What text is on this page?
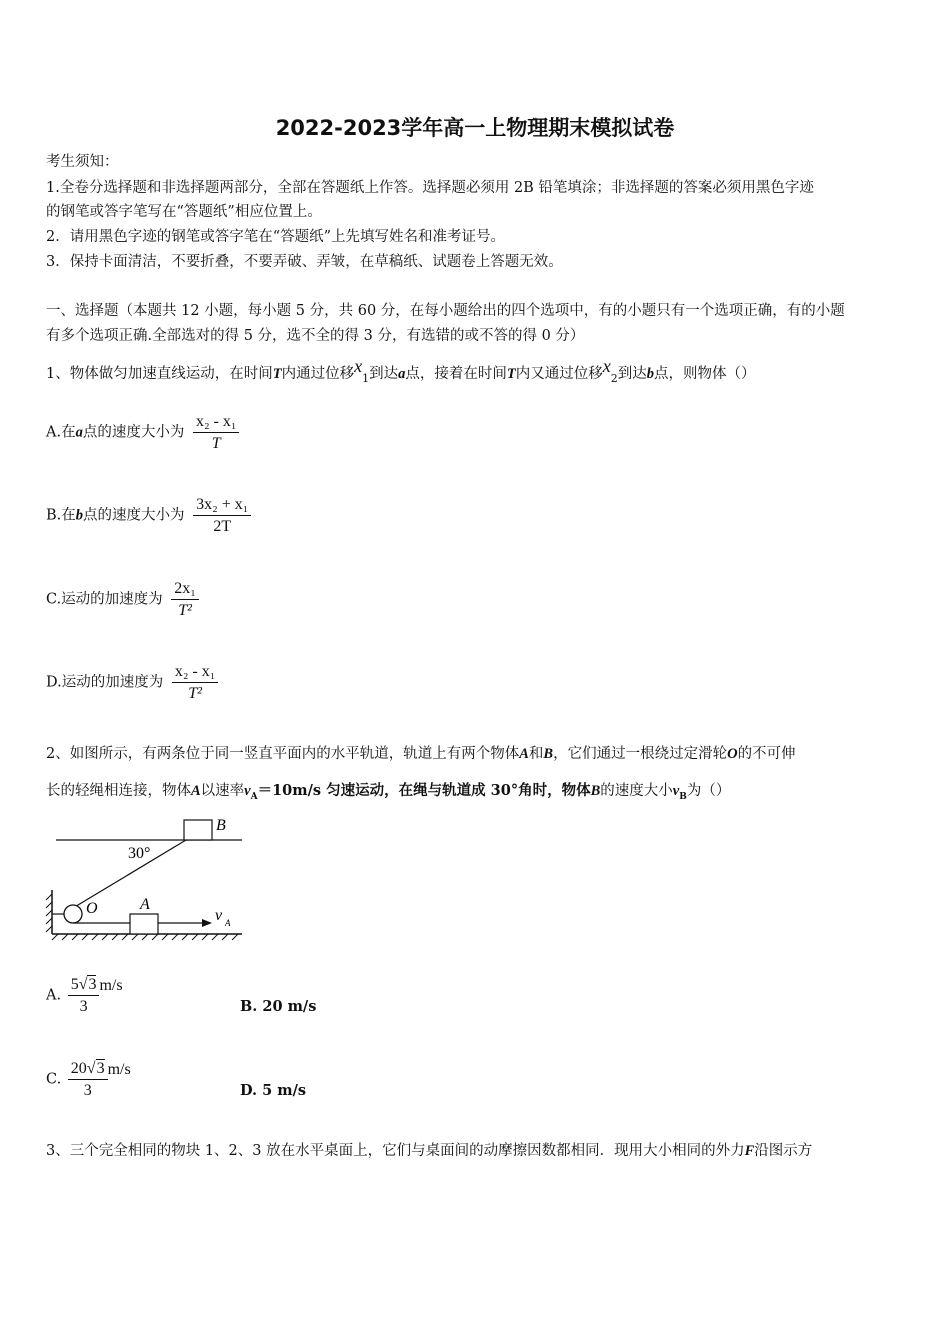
2022-2023学年高一上物理期末模拟试卷
考生须知：
1.全卷分选择题和非选择题两部分，全部在答题纸上作答。选择题必须用 2B 铅笔填涂；非选择题的答案必须用黑色字迹
的钢笔或答字笔写在“答题纸”相应位置上。
2．请用黑色字迹的钢笔或答字笔在“答题纸”上先填写姓名和准考证号。
3．保持卡面清洁，不要折叠，不要弄破、弄皱，在草稿纸、试题卷上答题无效。
一、选择题（本题共 12 小题，每小题 5 分，共 60 分，在每小题给出的四个选项中，有的小题只有一个选项正确，有的小题
有多个选项正确.全部选对的得 5 分，选不全的得 3 分，有选错的或不答的得 0 分）
1、物体做匀加速直线运动，在时间T内通过位移$x_1$到达a点，接着在时间T内又通过位移$x_2$到达b点，则物体（）
A.在a点的速度大小为 $\frac{\text{x₂ - x₁}}{T}$
B.在b点的速度大小为 $\frac{\text{3x₂ + x₁}}{2T}$
C.运动的加速度为 $\frac{\text{2x₁}}{\text{T²}}$
D.运动的加速度为 $\frac{\text{x₂ - x₁}}{\text{T²}}$
2、如图所示，有两条位于同一竖直平面内的水平轨道，轨道上有两个物体A和B，它们通过一根绕过定滑轮O的不可伸
长的轻绳相连接，物体A以速率$v_A=10m/s$ 匀速运动，在绳与轨道成 30°角时，物体B的速度大小$v_B$为（）
30°
B
O	A
v A
A. $\frac{5√3}{3} m/s$
B. 20 m/s
C. $\frac{20√3}{3} m/s$
D. 5 m/s
3、三个完全相同的物块 1、2、3 放在水平桌面上，它们与桌面间的动摩擦因数都相同．现用大小相同的外力F沿图示方
